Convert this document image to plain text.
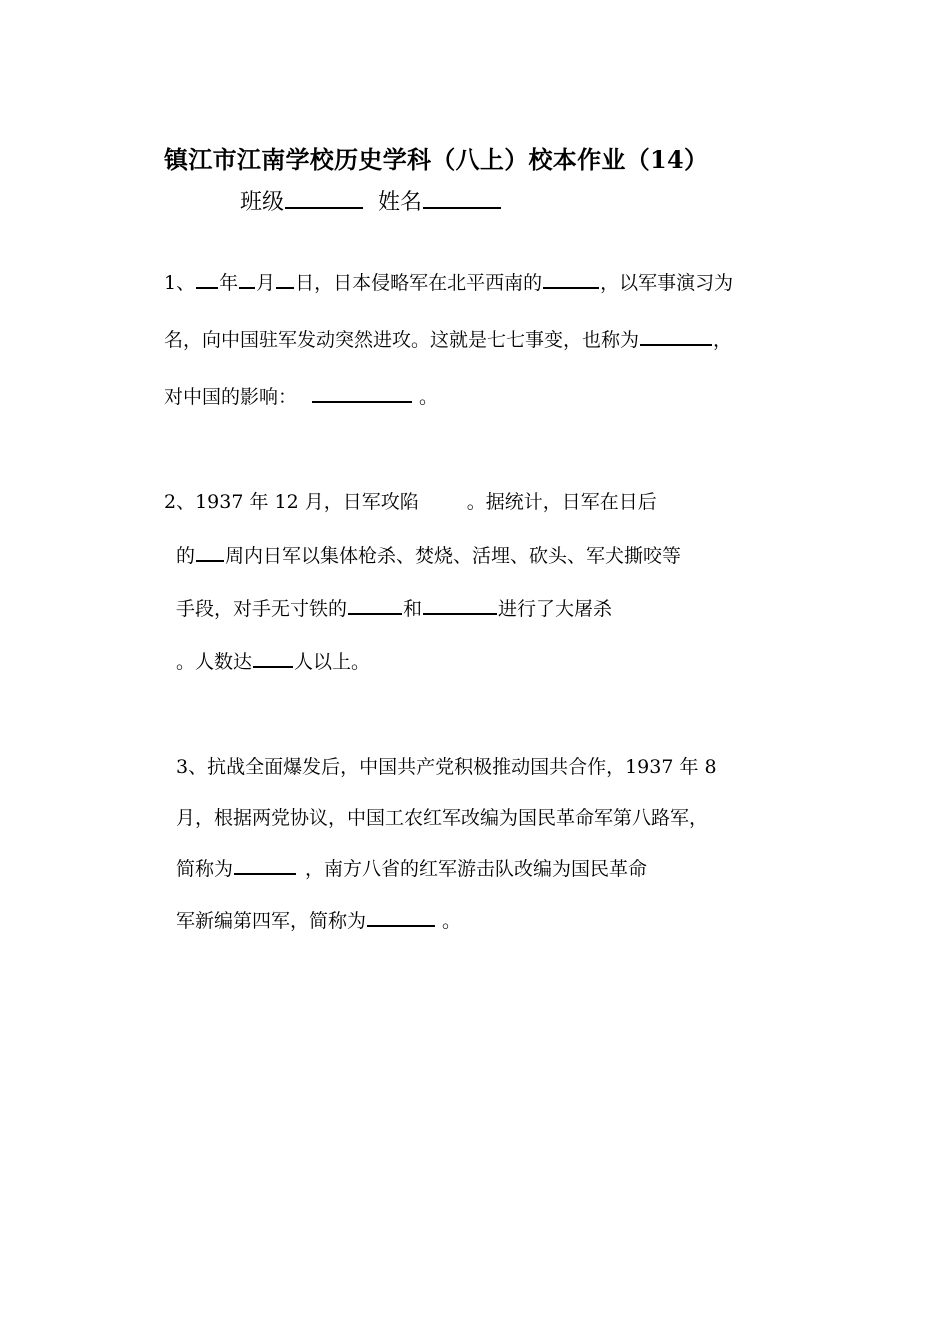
镇江市江南学校历史学科（八上）校本作业（14）
班级	姓名
1、 年 月 日，日本侵略军在北平西南的	，以军事演习为
名，向中国驻军发动突然进攻。这就是七七事变，也称为	，
对中国的影响：	。
2、1937 年 12 月，日军攻陷	。据统计，日军在日后
的 周内日军以集体枪杀、焚烧、活埋、砍头、军犬撕咬等
手段，对手无寸铁的	和	进行了大屠杀
。人数达 人以上。
3、抗战全面爆发后，中国共产党积极推动国共合作，1937 年 8
月，根据两党协议，中国工农红军改编为国民革命军第八路军，
简称为	，南方八省的红军游击队改编为国民革命
军新编第四军，简称为	。
